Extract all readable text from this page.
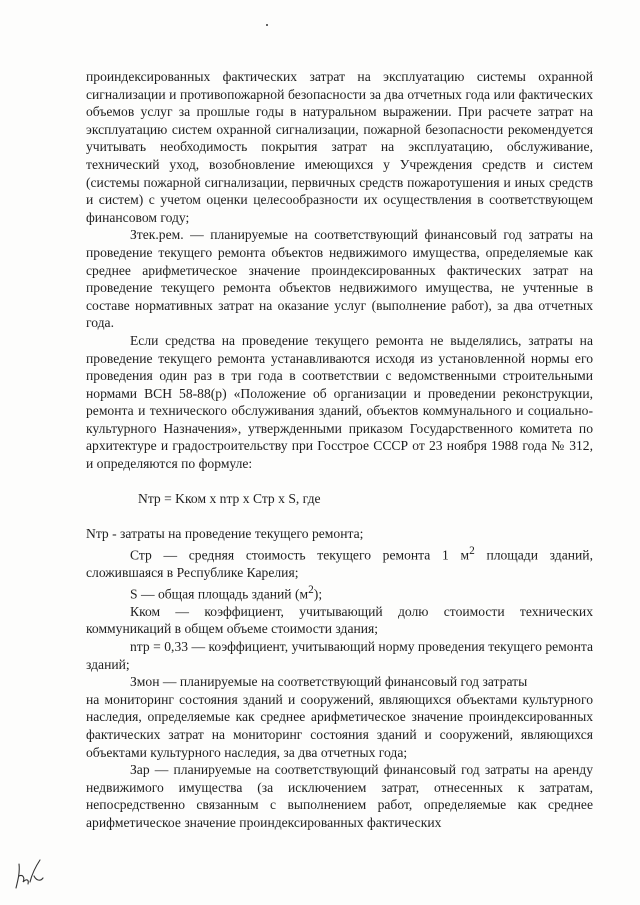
проиндексированных фактических затрат на эксплуатацию системы охранной сигнализации и противопожарной безопасности за два отчетных года или фактических объемов услуг за прошлые годы в натуральном выражении. При расчете затрат на эксплуатацию систем охранной сигнализации, пожарной безопасности рекомендуется учитывать необходимость покрытия затрат на эксплуатацию, обслуживание, технический уход, возобновление имеющихся у Учреждения средств и систем (системы пожарной сигнализации, первичных средств пожаротушения и иных средств и систем) с учетом оценки целесообразности их осуществления в соответствующем финансовом году;

Зтек.рем. — планируемые на соответствующий финансовый год затраты на проведение текущего ремонта объектов недвижимого имущества, определяемые как среднее арифметическое значение проиндексированных фактических затрат на проведение текущего ремонта объектов недвижимого имущества, не учтенные в составе нормативных затрат на оказание услуг (выполнение работ), за два отчетных года.

Если средства на проведение текущего ремонта не выделялись, затраты на проведение текущего ремонта устанавливаются исходя из установленной нормы его проведения один раз в три года в соответствии с ведомственными строительными нормами ВСН 58-88(р) «Положение об организации и проведении реконструкции, ремонта и технического обслуживания зданий, объектов коммунального и социально-культурного Назначения», утвержденными приказом Государственного комитета по архитектуре и градостроительству при Госстрое СССР от 23 ноября 1988 года № 312, и определяются по формуле:

Nтр = Kком х nтр х Стр х S, где

Nтр - затраты на проведение текущего ремонта;

Стр — средняя стоимость текущего ремонта 1 $м^2$ площади зданий, сложившаяся в Республике Карелия;

S — общая площадь зданий $(м^2)$;

Кком — коэффициент, учитывающий долю стоимости технических коммуникаций в общем объеме стоимости здания;

nтр = 0,33 — коэффициент, учитывающий норму проведения текущего ремонта зданий;

Змон — планируемые на соответствующий финансовый год затраты

на мониторинг состояния зданий и сооружений, являющихся объектами культурного наследия, определяемые как среднее арифметическое значение проиндексированных фактических затрат на мониторинг состояния зданий и сооружений, являющихся объектами культурного наследия, за два отчетных года;

Зар — планируемые на соответствующий финансовый год затраты на аренду недвижимого имущества (за исключением затрат, отнесенных к затратам, непосредственно связанным с выполнением работ, определяемые как среднее арифметическое значение проиндексированных фактических
